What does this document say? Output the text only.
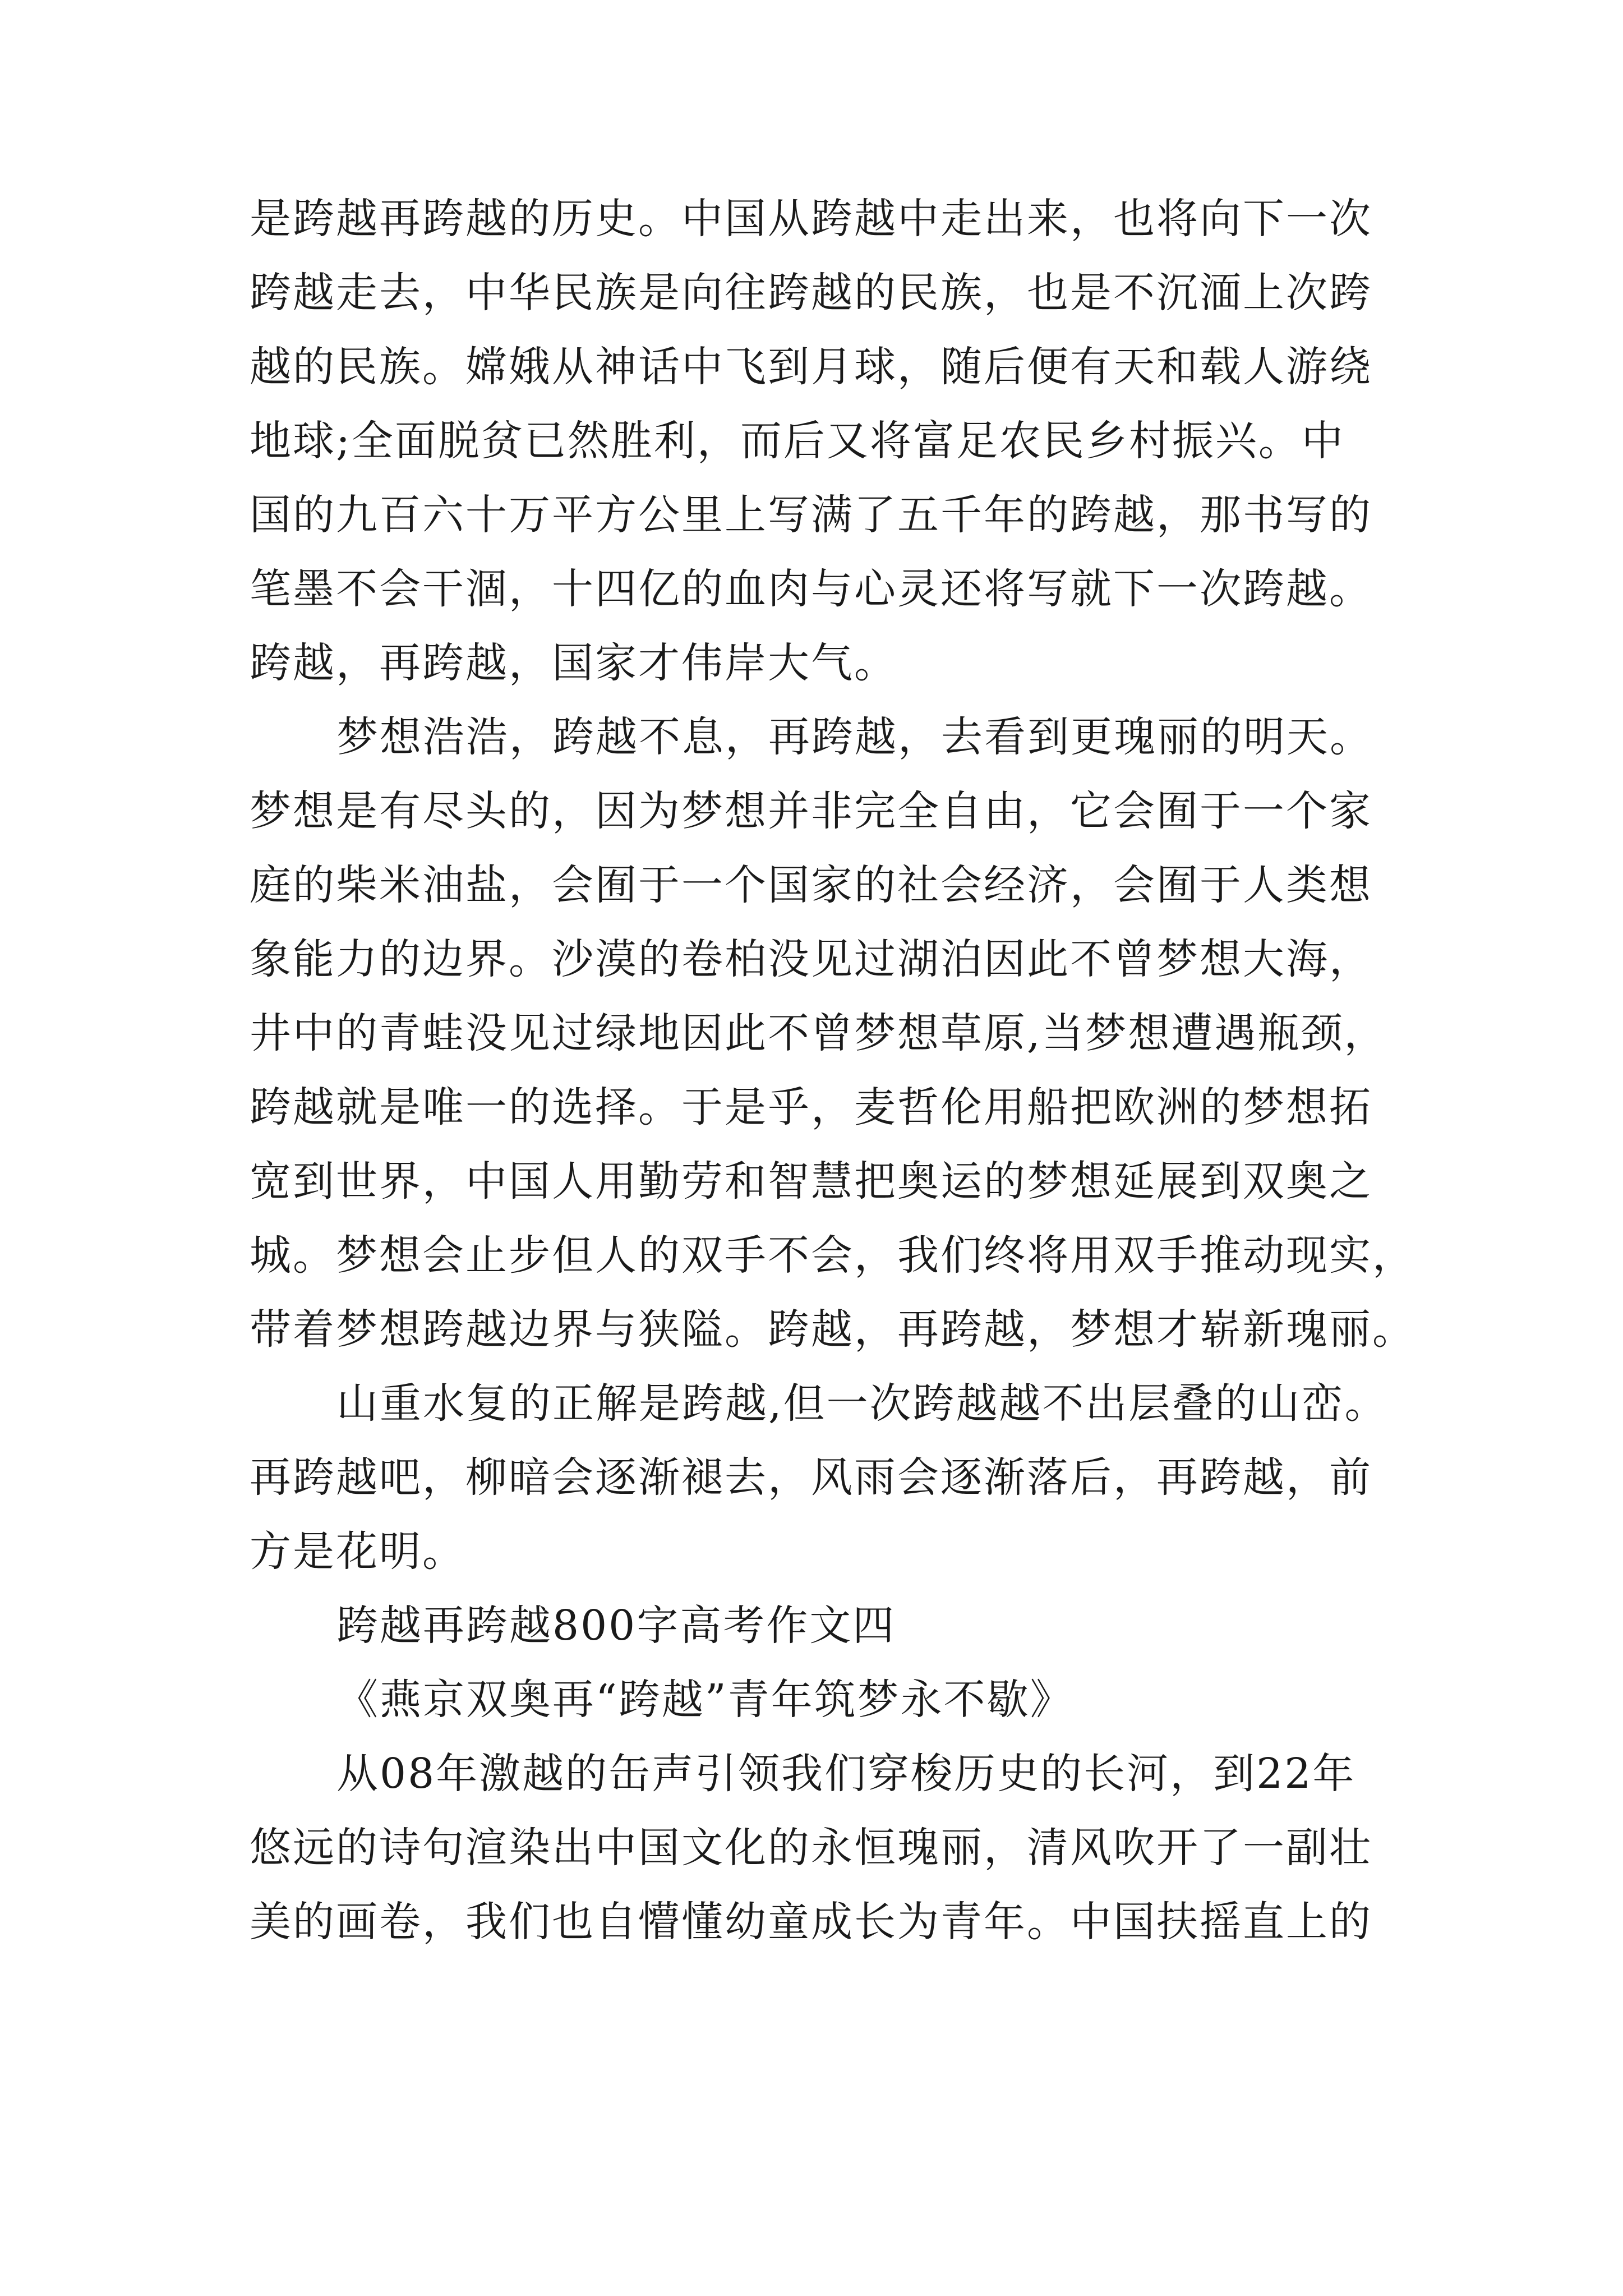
是跨越再跨越的历史。中国从跨越中走出来，也将向下一次
跨越走去，中华民族是向往跨越的民族，也是不沉湎上次跨
越的民族。嫦娥从神话中飞到月球，随后便有天和载人游绕
地球;全面脱贫已然胜利，而后又将富足农民乡村振兴。中
国的九百六十万平方公里上写满了五千年的跨越，那书写的
笔墨不会干涸，十四亿的血肉与心灵还将写就下一次跨越。
跨越，再跨越，国家才伟岸大气。
梦想浩浩，跨越不息，再跨越，去看到更瑰丽的明天。
梦想是有尽头的，因为梦想并非完全自由，它会囿于一个家
庭的柴米油盐，会囿于一个国家的社会经济，会囿于人类想
象能力的边界。沙漠的卷柏没见过湖泊因此不曾梦想大海，
井中的青蛙没见过绿地因此不曾梦想草原,当梦想遭遇瓶颈，
跨越就是唯一的选择。于是乎，麦哲伦用船把欧洲的梦想拓
宽到世界，中国人用勤劳和智慧把奥运的梦想延展到双奥之
城。梦想会止步但人的双手不会，我们终将用双手推动现实，
带着梦想跨越边界与狭隘。跨越，再跨越，梦想才崭新瑰丽。
山重水复的正解是跨越,但一次跨越越不出层叠的山峦。
再跨越吧，柳暗会逐渐褪去，风雨会逐渐落后，再跨越，前
方是花明。
跨越再跨越800字高考作文四
《燕京双奥再“跨越”青年筑梦永不歇》
从08年激越的缶声引领我们穿梭历史的长河，到22年
悠远的诗句渲染出中国文化的永恒瑰丽，清风吹开了一副壮
美的画卷，我们也自懵懂幼童成长为青年。中国扶摇直上的
